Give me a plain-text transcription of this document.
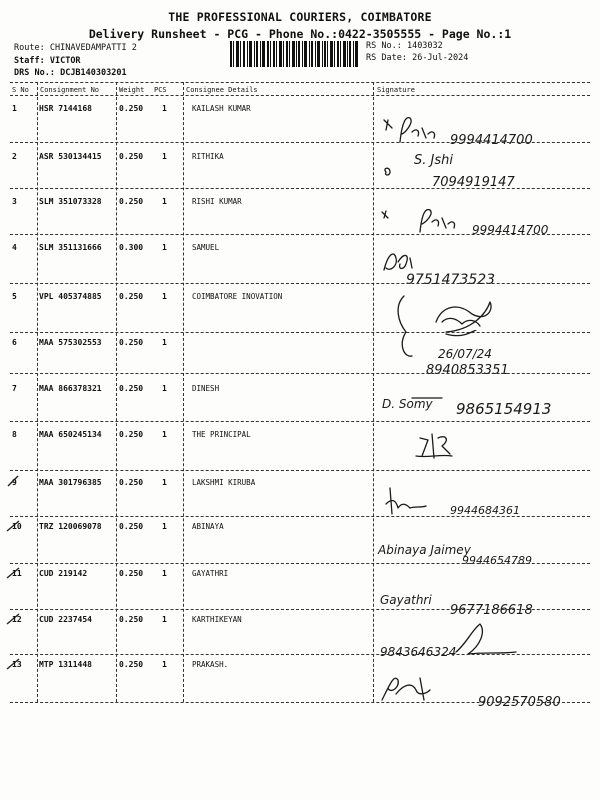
THE PROFESSIONAL COURIERS, COIMBATORE
Delivery Runsheet - PCG - Phone No.:0422-3505555 - Page No.:1
Route: CHINAVEDAMPATTI 2
Staff: VICTOR
DRS No.: DCJB140303201
RS No.: 1403032
RS Date: 26-Jul-2024
S No Consignment No	Weight PCS	Consignee Details	Signature
1	HSR 7144168	0.250 1	KAILASH KUMAR
9994414700
2	ASR 530134415 0.250 1	RITHIKA	S. Jshi
7094919147
3	SLM 351073328 0.250 1	RISHI KUMAR
9994414700
4	SLM 351131666 0.300 1	SAMUEL
9751473523
5	VPL 405374885 0.250 1	COIMBATORE INOVATION
6	MAA 575302553 0.250 1
26/07/24
8940853351
7	MAA 866378321 0.250 1	DINESH
D. Somy 9865154913
8	MAA 650245134 0.250 1	THE PRINCIPAL
9	MAA 301796385 0.250 1	LAKSHMI KIRUBA
9944684361
10 TRZ 120069078 0.250 1	ABINAYA
Abinaya Jaimey
9944654789
11 CUD 219142	0.250 1	GAYATHRI
Gayathri
9677186618
12 CUD 2237454	0.250 1	KARTHIKEYAN
9843646324
13 MTP 1311448	0.250 1	PRAKASH.
9092570580
